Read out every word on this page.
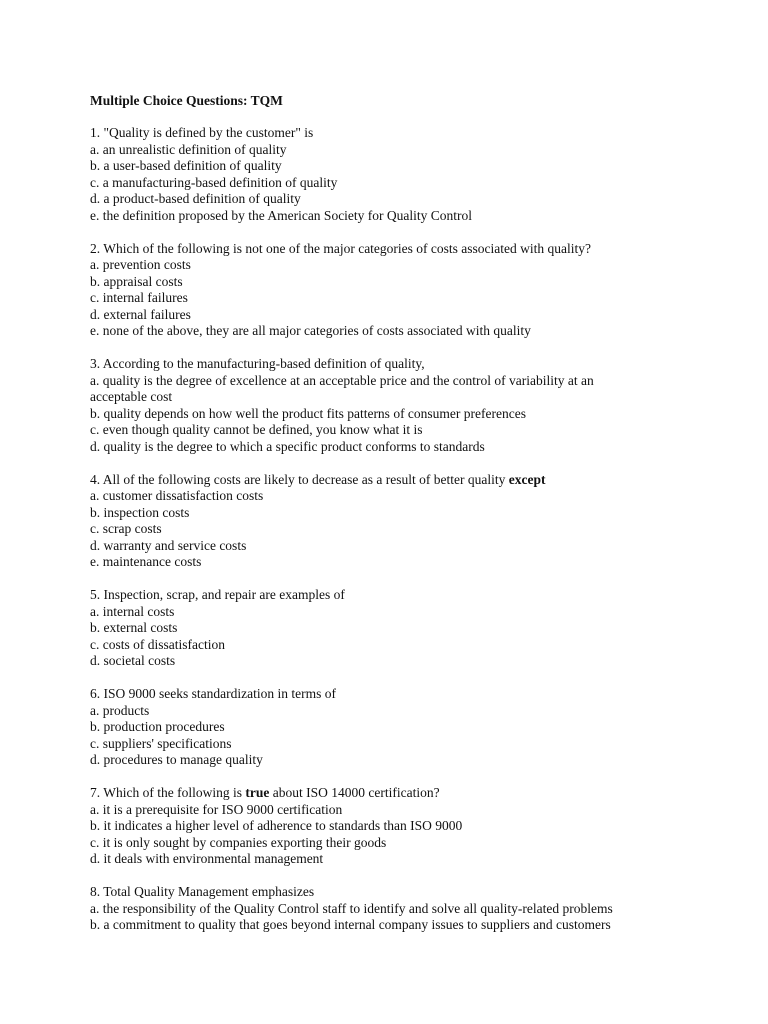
Multiple Choice Questions: TQM
1. "Quality is defined by the customer" is
a. an unrealistic definition of quality
b. a user-based definition of quality
c. a manufacturing-based definition of quality
d. a product-based definition of quality
e. the definition proposed by the American Society for Quality Control
2. Which of the following is not one of the major categories of costs associated with quality?
a. prevention costs
b. appraisal costs
c. internal failures
d. external failures
e. none of the above, they are all major categories of costs associated with quality
3. According to the manufacturing-based definition of quality,
a. quality is the degree of excellence at an acceptable price and the control of variability at an acceptable cost
b. quality depends on how well the product fits patterns of consumer preferences
c. even though quality cannot be defined, you know what it is
d. quality is the degree to which a specific product conforms to standards
4. All of the following costs are likely to decrease as a result of better quality except
a. customer dissatisfaction costs
b. inspection costs
c. scrap costs
d. warranty and service costs
e. maintenance costs
5. Inspection, scrap, and repair are examples of
a. internal costs
b. external costs
c. costs of dissatisfaction
d. societal costs
6. ISO 9000 seeks standardization in terms of
a. products
b. production procedures
c. suppliers' specifications
d. procedures to manage quality
7. Which of the following is true about ISO 14000 certification?
a. it is a prerequisite for ISO 9000 certification
b. it indicates a higher level of adherence to standards than ISO 9000
c. it is only sought by companies exporting their goods
d. it deals with environmental management
8. Total Quality Management emphasizes
a. the responsibility of the Quality Control staff to identify and solve all quality-related problems
b. a commitment to quality that goes beyond internal company issues to suppliers and customers
